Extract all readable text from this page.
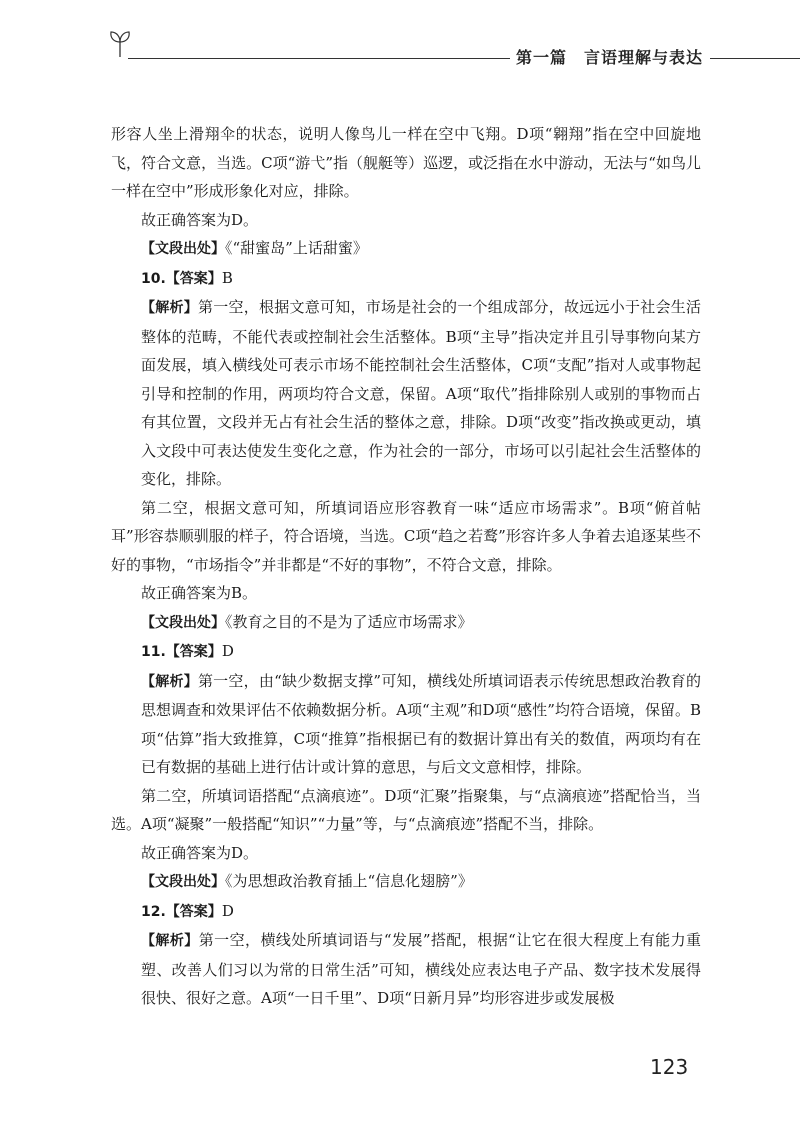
第一篇　言语理解与表达

形容人坐上滑翔伞的状态，说明人像鸟儿一样在空中飞翔。D项“翱翔”指在空中回旋地飞，符合文意，当选。C项“游弋”指（舰艇等）巡逻，或泛指在水中游动，无法与“如鸟儿一样在空中”形成形象化对应，排除。

故正确答案为D。

【文段出处】《“甜蜜岛”上话甜蜜》

10.【答案】B

【解析】第一空，根据文意可知，市场是社会的一个组成部分，故远远小于社会生活整体的范畴，不能代表或控制社会生活整体。B项“主导”指决定并且引导事物向某方面发展，填入横线处可表示市场不能控制社会生活整体，C项“支配”指对人或事物起引导和控制的作用，两项均符合文意，保留。A项“取代”指排除别人或别的事物而占有其位置，文段并无占有社会生活的整体之意，排除。D项“改变”指改换或更动，填入文段中可表达使发生变化之意，作为社会的一部分，市场可以引起社会生活整体的变化，排除。

第二空，根据文意可知，所填词语应形容教育一味“适应市场需求”。B项“俯首帖耳”形容恭顺驯服的样子，符合语境，当选。C项“趋之若鹜”形容许多人争着去追逐某些不好的事物，“市场指令”并非都是“不好的事物”，不符合文意，排除。

故正确答案为B。

【文段出处】《教育之目的不是为了适应市场需求》

11.【答案】D

【解析】第一空，由“缺少数据支撑”可知，横线处所填词语表示传统思想政治教育的思想调查和效果评估不依赖数据分析。A项“主观”和D项“感性”均符合语境，保留。B项“估算”指大致推算，C项“推算”指根据已有的数据计算出有关的数值，两项均有在已有数据的基础上进行估计或计算的意思，与后文文意相悖，排除。

第二空，所填词语搭配“点滴痕迹”。D项“汇聚”指聚集，与“点滴痕迹”搭配恰当，当选。A项“凝聚”一般搭配“知识”“力量”等，与“点滴痕迹”搭配不当，排除。

故正确答案为D。

【文段出处】《为思想政治教育插上“信息化翅膀”》

12.【答案】D

【解析】第一空，横线处所填词语与“发展”搭配，根据“让它在很大程度上有能力重塑、改善人们习以为常的日常生活”可知，横线处应表达电子产品、数字技术发展得很快、很好之意。A项“一日千里”、D项“日新月异”均形容进步或发展极

123
